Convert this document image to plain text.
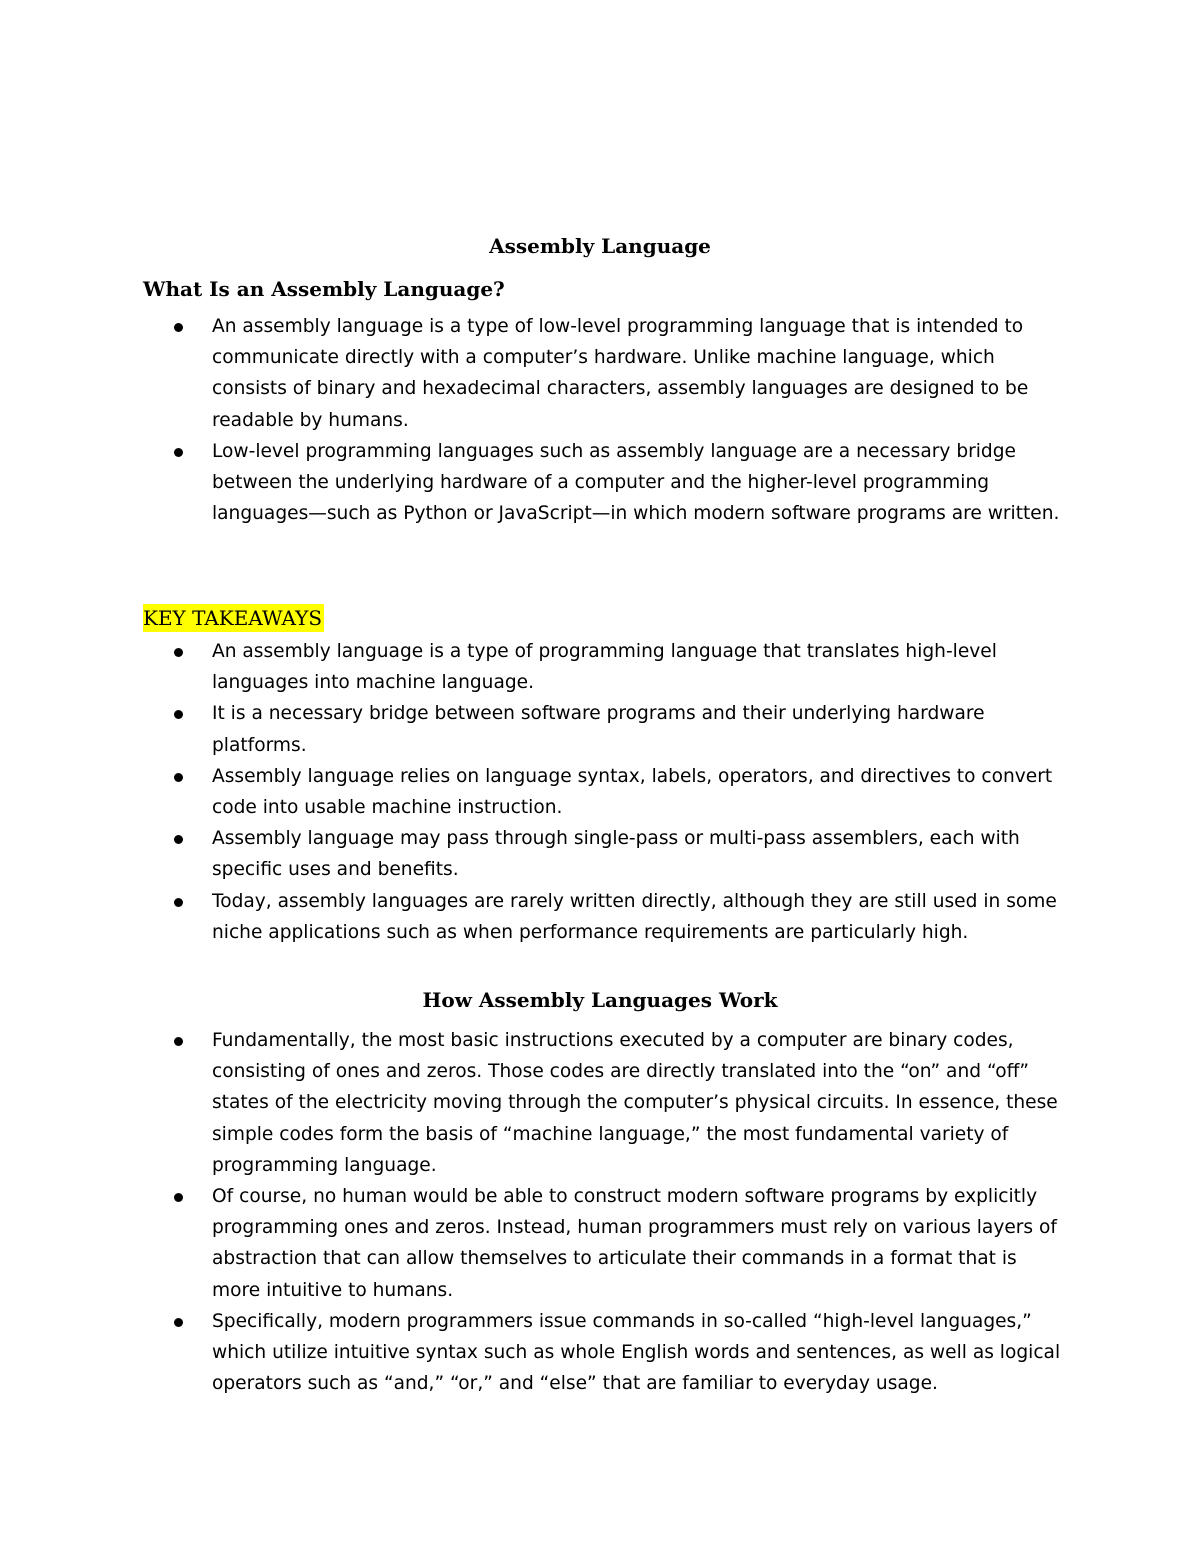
Assembly Language
What Is an Assembly Language?
An assembly language is a type of low-level programming language that is intended to communicate directly with a computer’s hardware. Unlike machine language, which consists of binary and hexadecimal characters, assembly languages are designed to be readable by humans.
Low-level programming languages such as assembly language are a necessary bridge between the underlying hardware of a computer and the higher-level programming languages—such as Python or JavaScript—in which modern software programs are written.
KEY TAKEAWAYS
An assembly language is a type of programming language that translates high-level languages into machine language.
It is a necessary bridge between software programs and their underlying hardware platforms.
Assembly language relies on language syntax, labels, operators, and directives to convert code into usable machine instruction.
Assembly language may pass through single-pass or multi-pass assemblers, each with specific uses and benefits.
Today, assembly languages are rarely written directly, although they are still used in some niche applications such as when performance requirements are particularly high.
How Assembly Languages Work
Fundamentally, the most basic instructions executed by a computer are binary codes, consisting of ones and zeros. Those codes are directly translated into the “on” and “off” states of the electricity moving through the computer’s physical circuits. In essence, these simple codes form the basis of “machine language,” the most fundamental variety of programming language.
Of course, no human would be able to construct modern software programs by explicitly programming ones and zeros. Instead, human programmers must rely on various layers of abstraction that can allow themselves to articulate their commands in a format that is more intuitive to humans.
Specifically, modern programmers issue commands in so-called “high-level languages,” which utilize intuitive syntax such as whole English words and sentences, as well as logical operators such as “and,” “or,” and “else” that are familiar to everyday usage.
